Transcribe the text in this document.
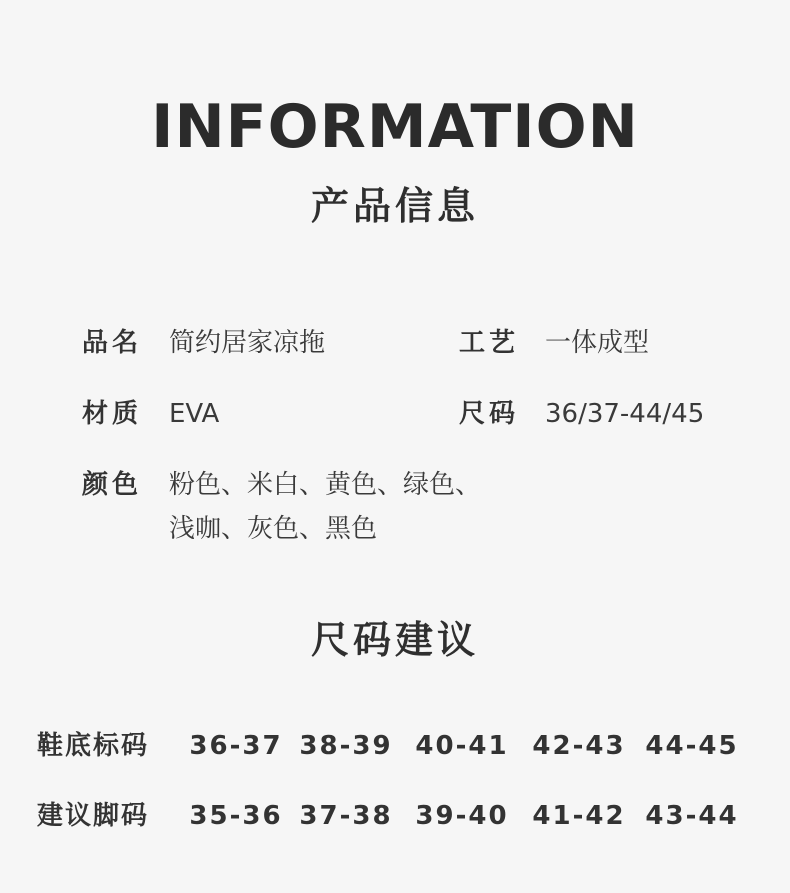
INFORMATION
产品信息
品名 简约居家凉拖	工艺 一体成型
材质 EVA	尺码 36/37-44/45
颜色 粉色、米白、黄色、绿色、
浅咖、灰色、黑色
尺码建议
鞋底标码	36-37 38-39 40-41 42-43 44-45
建议脚码	35-36 37-38 39-40 41-42 43-44
